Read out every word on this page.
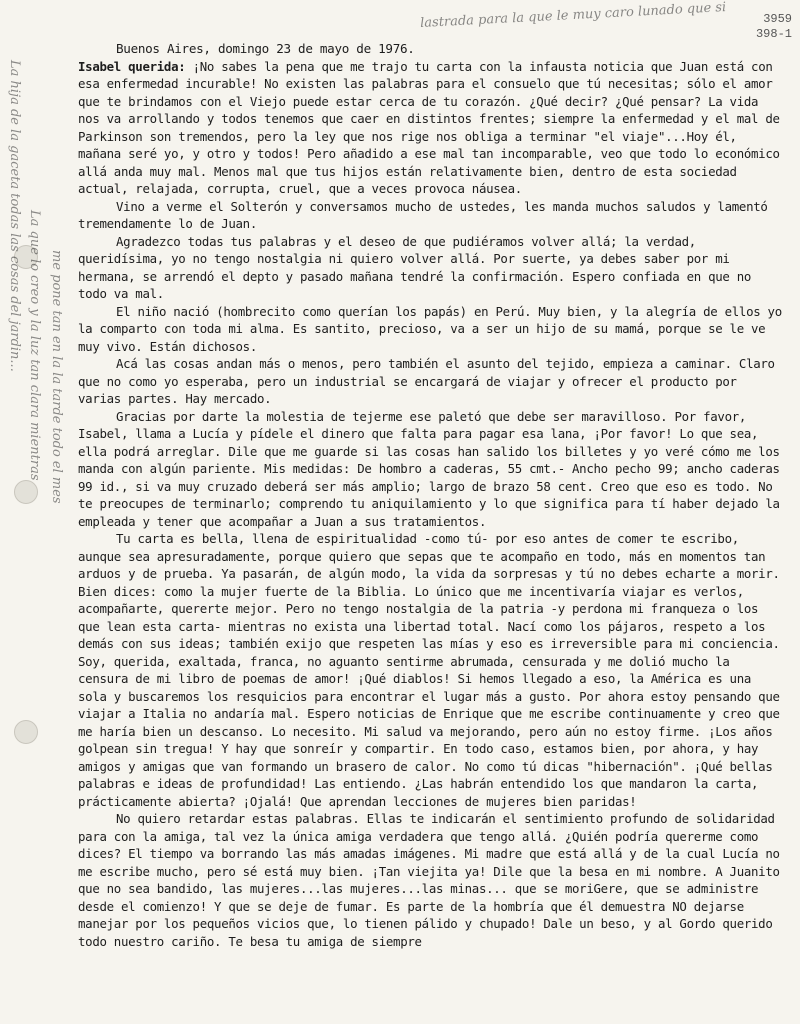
lastrada para la que le muy caro lunado que si	3959
398-1
La hija de la gaceta todas las cosas del jardin... La que lo creo y la luz tan clara mientras me pone tan en la la tarde todo el mes

Buenos Aires, domingo 23 de mayo de 1976.

Isabel querida: ¡No sabes la pena que me trajo tu carta con la infausta noticia que Juan está con esa enfermedad incurable! No existen las palabras para el consuelo que tú necesitas; sólo el amor que te brindamos con el Viejo puede estar cerca de tu corazón. ¿Qué decir? ¿Qué pensar? La vida nos va arrollando y todos tenemos que caer en distintos frentes; siempre la enfermedad y el mal de Parkinson son tremendos, pero la ley que nos rige nos obliga a terminar "el viaje"...Hoy él, mañana seré yo, y otro y todos! Pero añadido a ese mal tan incomparable, veo que todo lo económico allá anda muy mal. Menos mal que tus hijos están relativamente bien, dentro de esta sociedad actual, relajada, corrupta, cruel, que a veces provoca náusea.

Vino a verme el Solterón y conversamos mucho de ustedes, les manda muchos saludos y lamentó tremendamente lo de Juan.

Agradezco todas tus palabras y el deseo de que pudiéramos volver allá; la verdad, queridísima, yo no tengo nostalgia ni quiero volver allá. Por suerte, ya debes saber por mi hermana, se arrendó el depto y pasado mañana tendré la confirmación. Espero confiada en que no todo va mal.

El niño nació (hombrecito como querían los papás) en Perú. Muy bien, y la alegría de ellos yo la comparto con toda mi alma. Es santito, precioso, va a ser un hijo de su mamá, porque se le ve muy vivo. Están dichosos.

Acá las cosas andan más o menos, pero también el asunto del tejido, empieza a caminar. Claro que no como yo esperaba, pero un industrial se encargará de viajar y ofrecer el producto por varias partes. Hay mercado.

Gracias por darte la molestia de tejerme ese paletó que debe ser maravilloso. Por favor, Isabel, llama a Lucía y pídele el dinero que falta para pagar esa lana, ¡Por favor! Lo que sea, ella podrá arreglar. Dile que me guarde si las cosas han salido los billetes y yo veré cómo me los manda con algún pariente. Mis medidas: De hombro a caderas, 55 cmt.- Ancho pecho 99; ancho caderas 99 id., si va muy cruzado deberá ser más amplio; largo de brazo 58 cent. Creo que eso es todo. No te preocupes de terminarlo; comprendo tu aniquilamiento y lo que significa para tí haber dejado la empleada y tener que acompañar a Juan a sus tratamientos.

Tu carta es bella, llena de espiritualidad -como tú- por eso antes de comer te escribo, aunque sea apresuradamente, porque quiero que sepas que te acompaño en todo, más en momentos tan arduos y de prueba. Ya pasarán, de algún modo, la vida da sorpresas y tú no debes echarte a morir. Bien dices: como la mujer fuerte de la Biblia. Lo único que me incentivaría viajar es verlos, acompañarte, quererte mejor. Pero no tengo nostalgia de la patria -y perdona mi franqueza o los que lean esta carta- mientras no exista una libertad total. Nací como los pájaros, respeto a los demás con sus ideas; también exijo que respeten las mías y eso es irreversible para mi conciencia. Soy, querida, exaltada, franca, no aguanto sentirme abrumada, censurada y me dolió mucho la censura de mi libro de poemas de amor! ¡Qué diablos! Si hemos llegado a eso, la América es una sola y buscaremos los resquicios para encontrar el lugar más a gusto. Por ahora estoy pensando que viajar a Italia no andaría mal. Espero noticias de Enrique que me escribe continuamente y creo que me haría bien un descanso. Lo necesito. Mi salud va mejorando, pero aún no estoy firme. ¡Los años golpean sin tregua! Y hay que sonreír y compartir. En todo caso, estamos bien, por ahora, y hay amigos y amigas que van formando un brasero de calor. No como tú dicas "hibernación". ¡Qué bellas palabras e ideas de profundidad! Las entiendo. ¿Las habrán entendido los que mandaron la carta, prácticamente abierta? ¡Ojalá! Que aprendan lecciones de mujeres bien paridas!

No quiero retardar estas palabras. Ellas te indicarán el sentimiento profundo de solidaridad para con la amiga, tal vez la única amiga verdadera que tengo allá. ¿Quién podría quererme como dices? El tiempo va borrando las más amadas imágenes. Mi madre que está allá y de la cual Lucía no me escribe mucho, pero sé está muy bien. ¡Tan viejita ya! Dile que la besa en mi nombre. A Juanito que no sea bandido, las mujeres...las mujeres...las minas... que se moriGere, que se administre desde el comienzo! Y que se deje de fumar. Es parte de la hombría que él demuestra NO dejarse manejar por los pequeños vicios que, lo tienen pálido y chupado! Dale un beso, y al Gordo querido todo nuestro cariño. Te besa tu amiga de siempre
